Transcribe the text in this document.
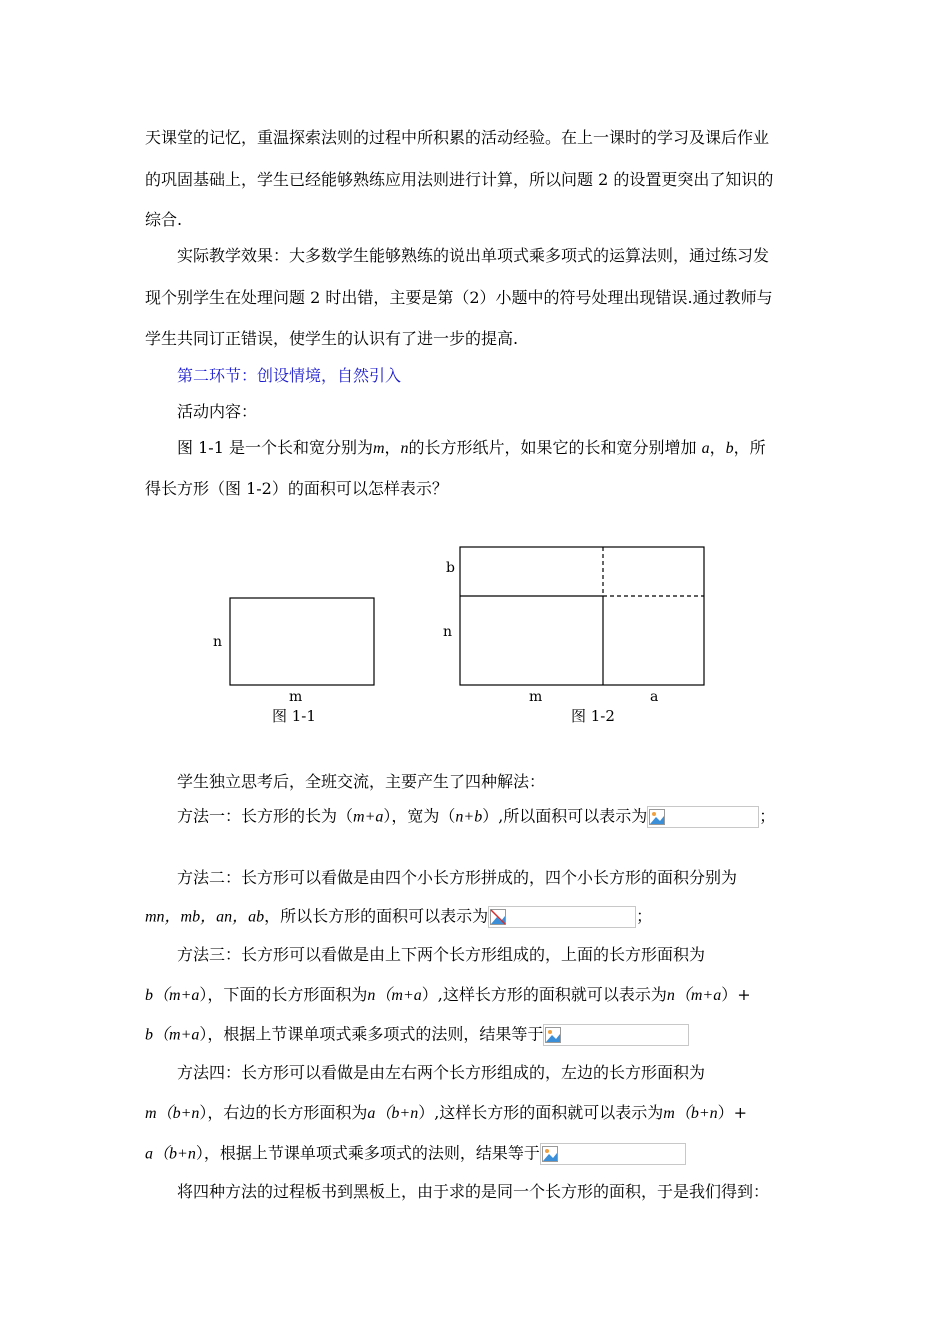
天课堂的记忆，重温探索法则的过程中所积累的活动经验。在上一课时的学习及课后作业
的巩固基础上，学生已经能够熟练应用法则进行计算，所以问题 2 的设置更突出了知识的
综合.
实际教学效果：大多数学生能够熟练的说出单项式乘多项式的运算法则，通过练习发
现个别学生在处理问题 2 时出错，主要是第（2）小题中的符号处理出现错误.通过教师与
学生共同订正错误，使学生的认识有了进一步的提高.
第二环节：创设情境，自然引入
活动内容：
图 1-1 是一个长和宽分别为m，n的长方形纸片，如果它的长和宽分别增加 a，b，所
得长方形（图 1-2）的面积可以怎样表示？
n
m
图 1-1
b
n
m	a
图 1-2
学生独立思考后，全班交流，主要产生了四种解法：
方法一：长方形的长为（m+a），宽为（n+b）,所以面积可以表示为	；
方法二：长方形可以看做是由四个小长方形拼成的，四个小长方形的面积分别为
mn，mb，an，ab，所以长方形的面积可以表示为	；
方法三：长方形可以看做是由上下两个长方形组成的，上面的长方形面积为
b（m+a），下面的长方形面积为n（m+a）,这样长方形的面积就可以表示为n（m+a）+
b（m+a），根据上节课单项式乘多项式的法则，结果等于
方法四：长方形可以看做是由左右两个长方形组成的，左边的长方形面积为
m（b+n），右边的长方形面积为a（b+n）,这样长方形的面积就可以表示为m（b+n）+
a（b+n），根据上节课单项式乘多项式的法则，结果等于
将四种方法的过程板书到黑板上，由于求的是同一个长方形的面积，于是我们得到：
